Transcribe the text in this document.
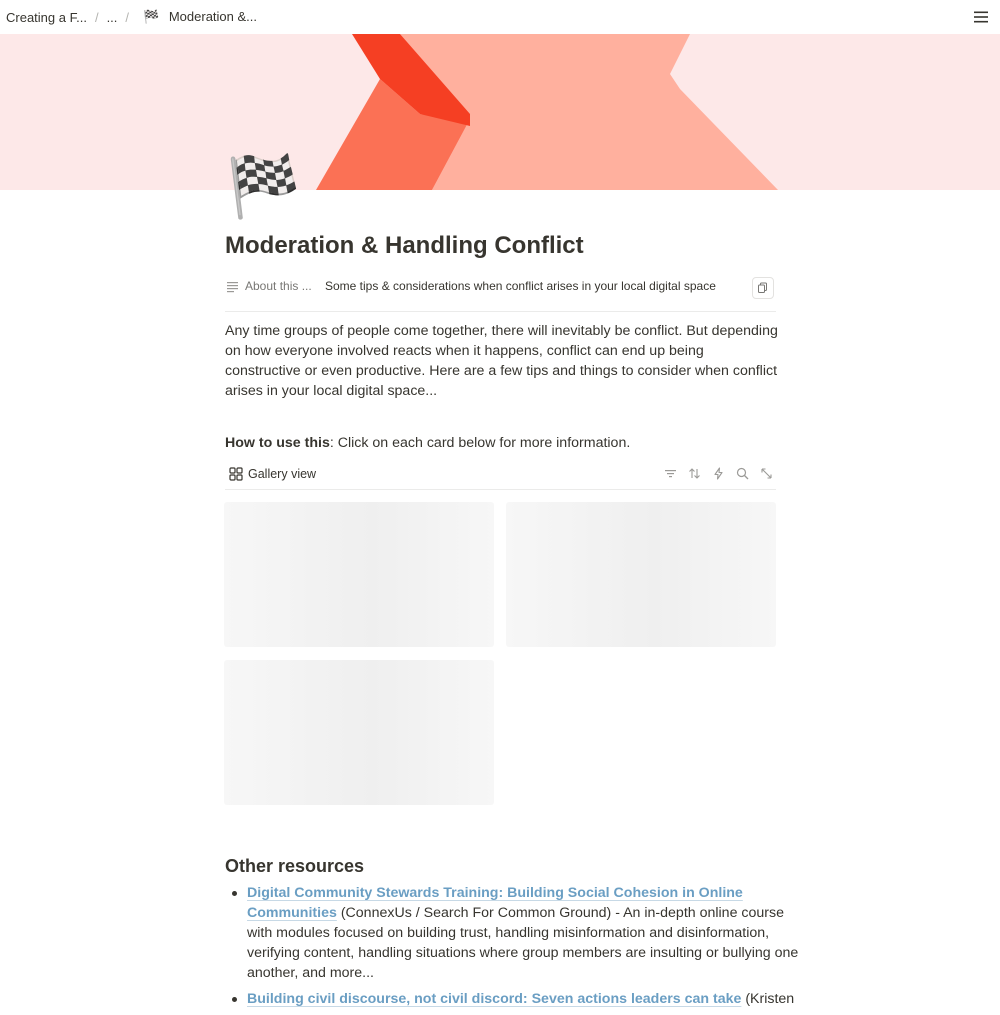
Creating a F... / ... / 🏁 Moderation &...
🏁
Moderation & Handling Conflict
About this ... Some tips & considerations when conflict arises in your local digital space

Any time groups of people come together, there will inevitably be conflict. But depending on how everyone involved reacts when it happens, conflict can end up being constructive or even productive. Here are a few tips and things to consider when conflict arises in your local digital space...

How to use this: Click on each card below for more information.

Gallery view
Other resources
Digital Community Stewards Training: Building Social Cohesion in Online Communities (ConnexUs / Search For Common Ground) - An in-depth online course with modules focused on building trust, handling misinformation and disinformation, verifying content, handling situations where group members are insulting or bullying one another, and more...
Building civil discourse, not civil discord: Seven actions leaders can take (Kristen
